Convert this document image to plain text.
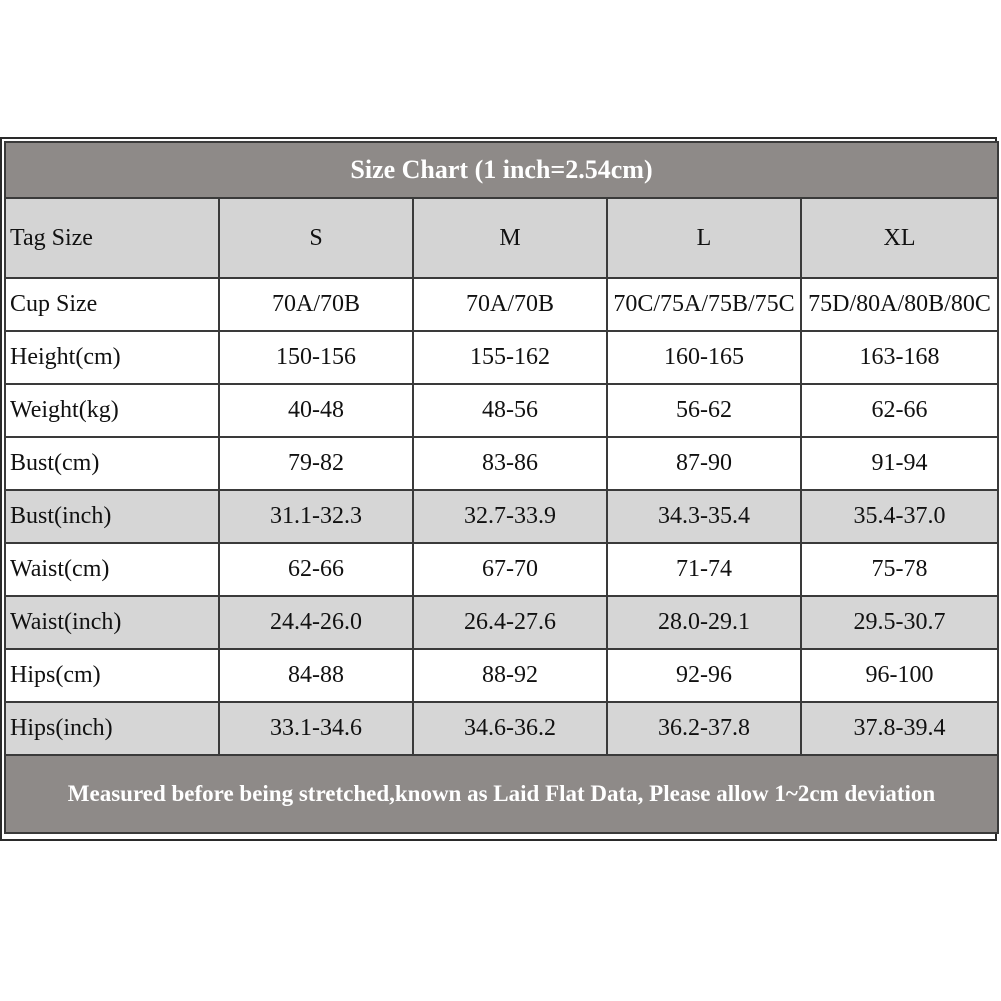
Size Chart (1 inch=2.54cm)				
Tag Size	S	M	L	XL
Cup Size	70A/70B	70A/70B	70C/75A/75B/75C	75D/80A/80B/80C
Height(cm)	150-156	155-162	160-165	163-168
Weight(kg)	40-48	48-56	56-62	62-66
Bust(cm)	79-82	83-86	87-90	91-94
Bust(inch)	31.1-32.3	32.7-33.9	34.3-35.4	35.4-37.0
Waist(cm)	62-66	67-70	71-74	75-78
Waist(inch)	24.4-26.0	26.4-27.6	28.0-29.1	29.5-30.7
Hips(cm)	84-88	88-92	92-96	96-100
Hips(inch)	33.1-34.6	34.6-36.2	36.2-37.8	37.8-39.4
Measured before being stretched,known as Laid Flat Data, Please allow 1~2cm deviation				
